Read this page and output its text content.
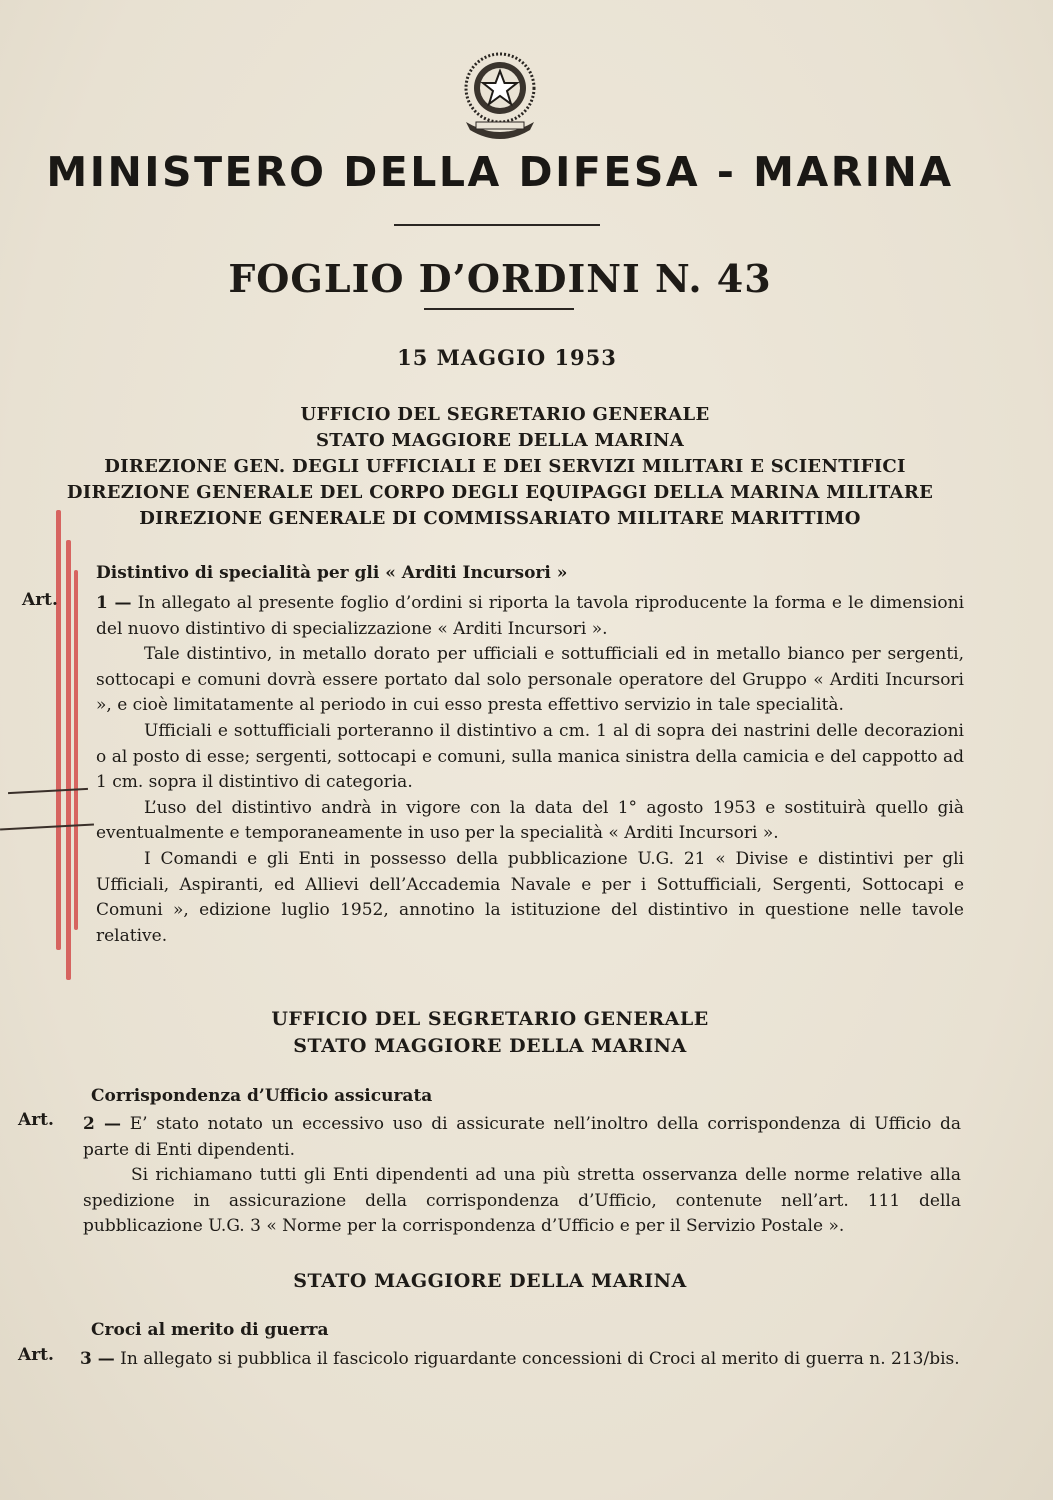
MINISTERO DELLA DIFESA - MARINA
FOGLIO D’ORDINI N. 43
15 MAGGIO 1953
UFFICIO DEL SEGRETARIO GENERALE
STATO MAGGIORE DELLA MARINA
DIREZIONE GEN. DEGLI UFFICIALI E DEI SERVIZI MILITARI E SCIENTIFICI
DIREZIONE GENERALE DEL CORPO DEGLI EQUIPAGGI DELLA MARINA MILITARE
DIREZIONE GENERALE DI COMMISSARIATO MILITARE MARITTIMO
Distintivo di specialità per gli « Arditi Incursori »
Art. 1 — In allegato al presente foglio d’ordini si riporta la tavola riproducente la forma e le dimensioni del nuovo distintivo di specializzazione « Arditi Incursori ».

Tale distintivo, in metallo dorato per ufficiali e sottufficiali ed in metallo bianco per sergenti, sottocapi e comuni dovrà essere portato dal solo personale operatore del Gruppo « Arditi Incursori », e cioè limitatamente al periodo in cui esso presta effettivo servizio in tale specialità.

Ufficiali e sottufficiali porteranno il distintivo a cm. 1 al di sopra dei nastrini delle decorazioni o al posto di esse; sergenti, sottocapi e comuni, sulla manica sinistra della camicia e del cappotto ad 1 cm. sopra il distintivo di categoria.

L’uso del distintivo andrà in vigore con la data del 1° agosto 1953 e sostituirà quello già eventualmente e temporaneamente in uso per la specialità « Arditi Incursori ».

I Comandi e gli Enti in possesso della pubblicazione U.G. 21 « Divise e distintivi per gli Ufficiali, Aspiranti, ed Allievi dell’Accademia Navale e per i Sottufficiali, Sergenti, Sottocapi e Comuni », edizione luglio 1952, annotino la istituzione del distintivo in questione nelle tavole relative.

UFFICIO DEL SEGRETARIO GENERALE
STATO MAGGIORE DELLA MARINA
Corrispondenza d’Ufficio assicurata
Art. 2 — E’ stato notato un eccessivo uso di assicurate nell’inoltro della corrispondenza di Ufficio da parte di Enti dipendenti.

Si richiamano tutti gli Enti dipendenti ad una più stretta osservanza delle norme relative alla spedizione in assicurazione della corrispondenza d’Ufficio, contenute nell’art. 111 della pubblicazione U.G. 3 « Norme per la corrispondenza d’Ufficio e per il Servizio Postale ».

STATO MAGGIORE DELLA MARINA
Croci al merito di guerra
Art. 3 — In allegato si pubblica il fascicolo riguardante concessioni di Croci al merito di guerra n. 213/bis.
